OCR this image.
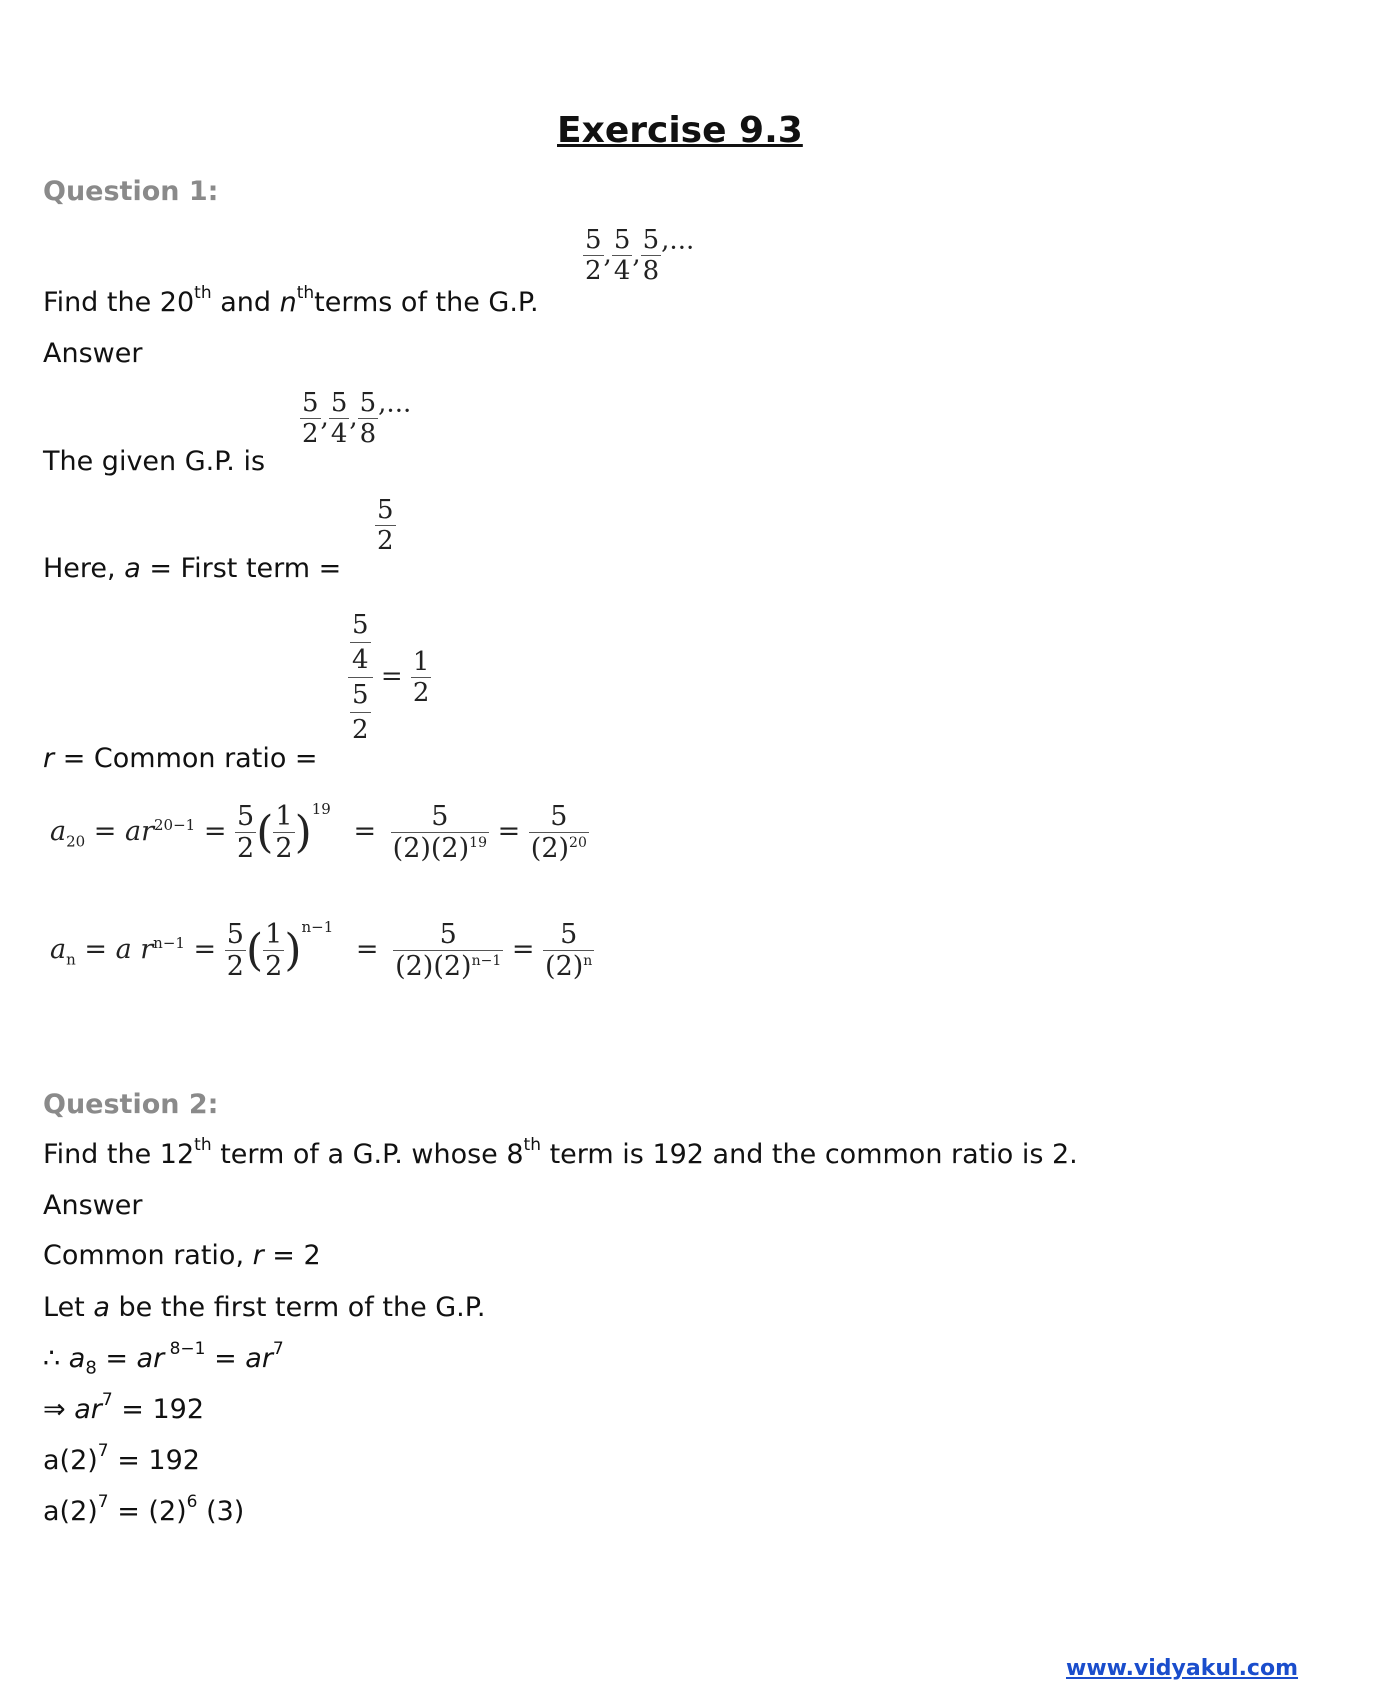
Exercise 9.3
Question 1:
Find the 20th and $n^{th}terms$ of the G.P.
$\frac{5}{2}$ , $\frac{5}{4}$ , $\frac{5}{8}$ ,...
Answer
The given G.P. is
$\frac{5}{2}$ , $\frac{5}{4}$ , $\frac{5}{8}$ ,...
Here, a = First term =
$\frac{5}{2}$
r = Common ratio =
$\frac{\frac{5}{4}}{\frac{5}{2}} = \frac{1}{2}$
$a_{20} = ar^{20-1} = \frac{5}{2}$ ( $\frac{1}{2} )^{19} = \frac{5}{(2)(2)^{19}} = \frac{5}{(2)^{20}}$
$a_n = a$ $r^{n-1} = \frac{5}{2}$ ( $\frac{1}{2} )^{n-1} = \frac{5}{(2)(2)^{n-1}} = \frac{5}{(2)^n}$
Question 2:
Find the 12th term of a G.P. whose 8th term is 192 and the common ratio is 2.
Answer
Common ratio, r = 2
Let a be the first term of the G.P.
∴ $a_8$ = ar $^{8-1} = ar^7$
⇒ $ar^7 = 192$
$a(2)^7 = 192$
$a(2)^7 = (2)^6$ (3)
www.vidyakul.com
